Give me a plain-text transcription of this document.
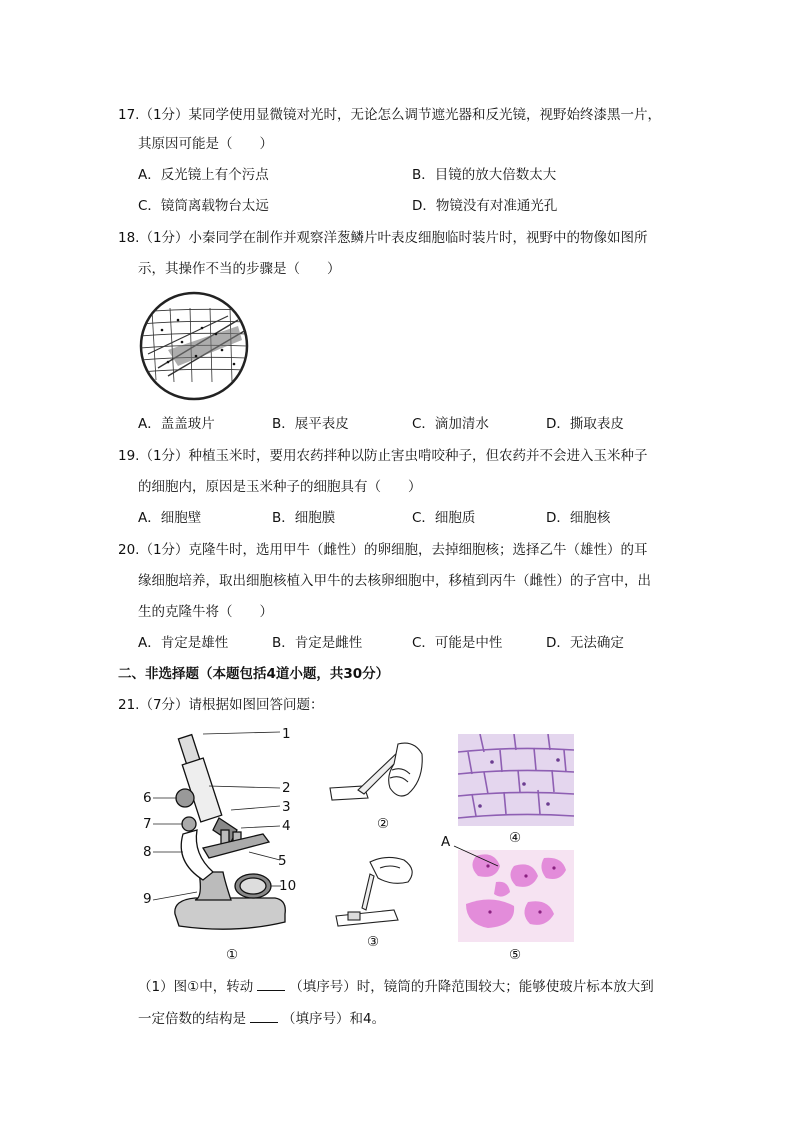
17.（1分）某同学使用显微镜对光时，无论怎么调节遮光器和反光镜，视野始终漆黑一片，
其原因可能是（　　）
A．反光镜上有个污点	B．目镜的放大倍数太大
C．镜筒离载物台太远	D．物镜没有对准通光孔
18.（1分）小秦同学在制作并观察洋葱鳞片叶表皮细胞临时装片时，视野中的物像如图所
示，其操作不当的步骤是（　　）
A．盖盖玻片	B．展平表皮	C．滴加清水	D．撕取表皮
19.（1分）种植玉米时，要用农药拌种以防止害虫啃咬种子，但农药并不会进入玉米种子
的细胞内，原因是玉米种子的细胞具有（　　）
A．细胞壁	B．细胞膜	C．细胞质	D．细胞核
20.（1分）克隆牛时，选用甲牛（雌性）的卵细胞，去掉细胞核；选择乙牛（雄性）的耳
缘细胞培养，取出细胞核植入甲牛的去核卵细胞中，移植到丙牛（雌性）的子宫中，出
生的克隆牛将（　　）
A．肯定是雄性	B．肯定是雌性	C．可能是中性	D．无法确定
二、非选择题（本题包括4道小题，共30分）
21.（7分）请根据如图回答问题：
1
2
3
4
5
6
7
8
9
10
①
②
③
④
A
⑤
（1）图①中，转动	（填序号）时，镜筒的升降范围较大；能够使玻片标本放大到
一定倍数的结构是	（填序号）和4。
